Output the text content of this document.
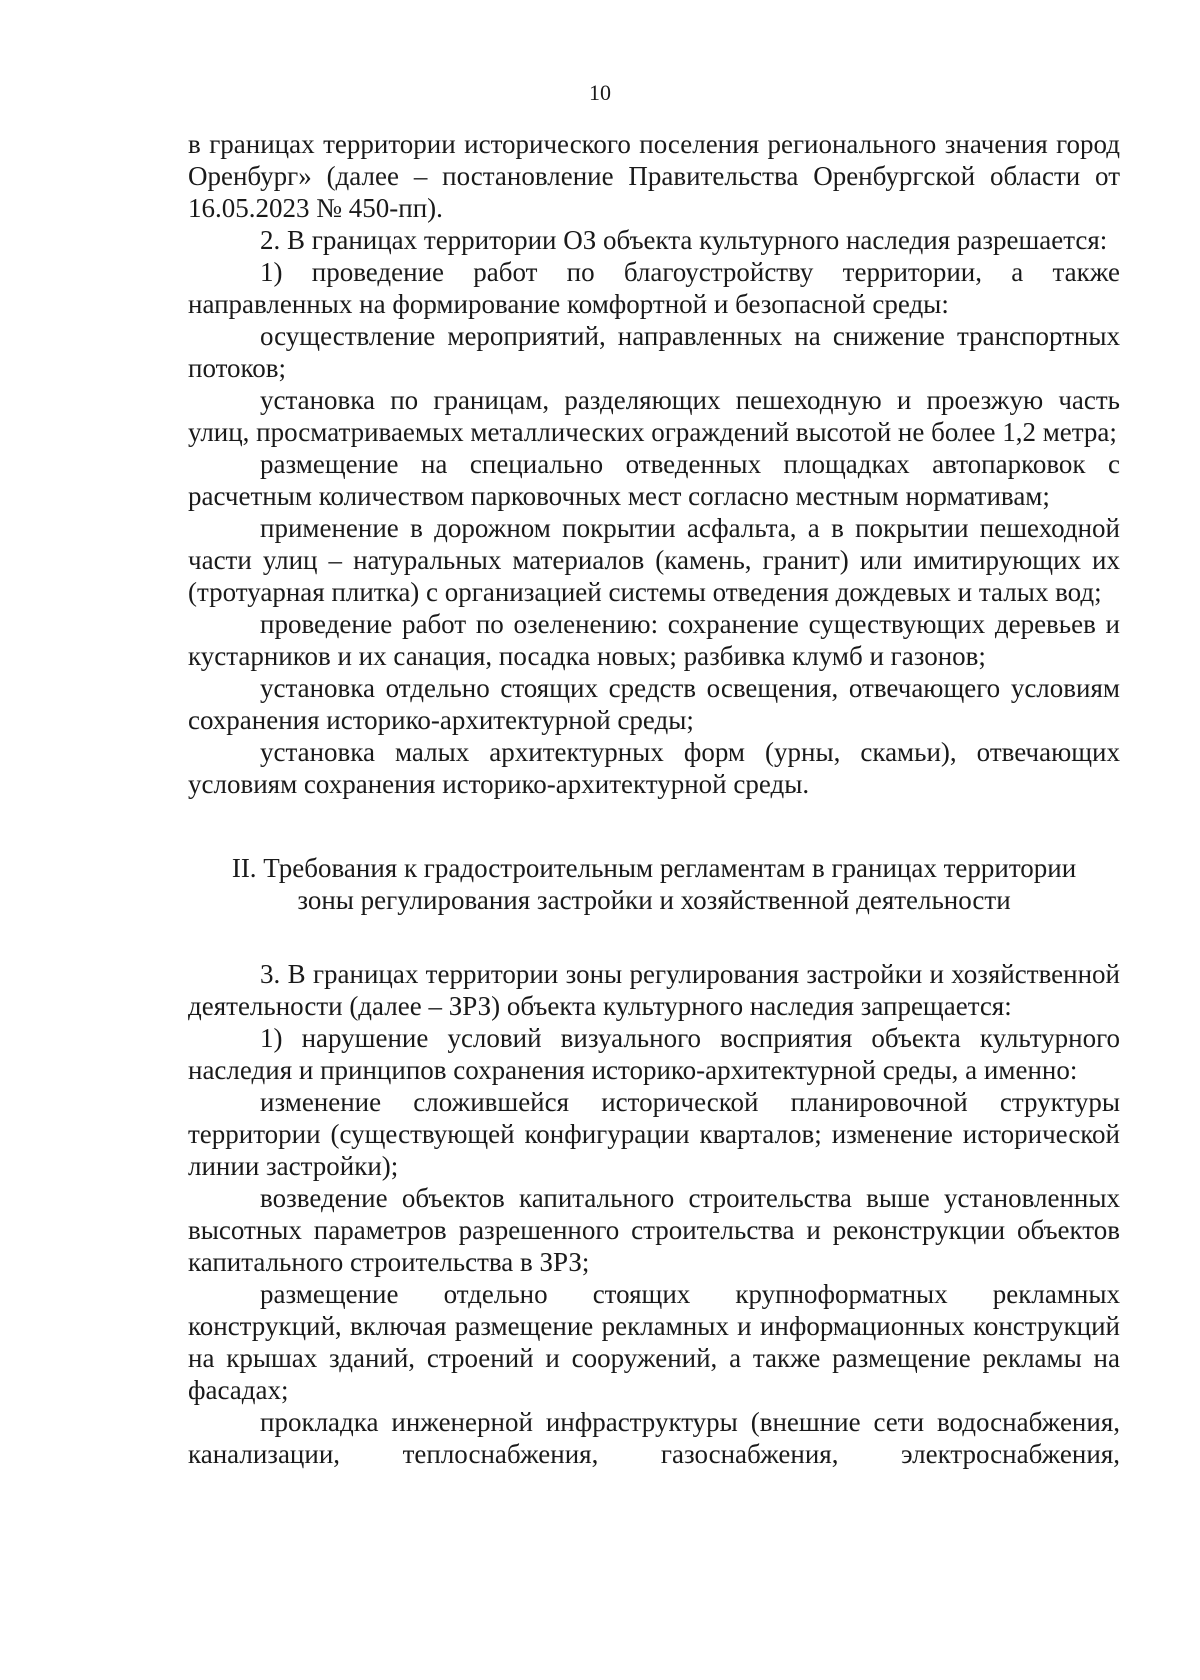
10

в границах территории исторического поселения регионального значения город Оренбург» (далее – постановление Правительства Оренбургской области от 16.05.2023 № 450-пп).

2. В границах территории ОЗ объекта культурного наследия разрешается:

1) проведение работ по благоустройству территории, а также направленных на формирование комфортной и безопасной среды:

осуществление мероприятий, направленных на снижение транспортных потоков;

установка по границам, разделяющих пешеходную и проезжую часть улиц, просматриваемых металлических ограждений высотой не более 1,2 метра;

размещение на специально отведенных площадках автопарковок с расчетным количеством парковочных мест согласно местным нормативам;

применение в дорожном покрытии асфальта, а в покрытии пешеходной части улиц – натуральных материалов (камень, гранит) или имитирующих их (тротуарная плитка) с организацией системы отведения дождевых и талых вод;

проведение работ по озеленению: сохранение существующих деревьев и кустарников и их санация, посадка новых; разбивка клумб и газонов;

установка отдельно стоящих средств освещения, отвечающего условиям сохранения историко-архитектурной среды;

установка малых архитектурных форм (урны, скамьи), отвечающих условиям сохранения историко-архитектурной среды.

II. Требования к градостроительным регламентам в границах территории
зоны регулирования застройки и хозяйственной деятельности

3. В границах территории зоны регулирования застройки и хозяйственной деятельности (далее – ЗРЗ) объекта культурного наследия запрещается:

1) нарушение условий визуального восприятия объекта культурного наследия и принципов сохранения историко-архитектурной среды, а именно:

изменение сложившейся исторической планировочной структуры территории (существующей конфигурации кварталов; изменение исторической линии застройки);

возведение объектов капитального строительства выше установленных высотных параметров разрешенного строительства и реконструкции объектов капитального строительства в ЗРЗ;

размещение отдельно стоящих крупноформатных рекламных конструкций, включая размещение рекламных и информационных конструкций на крышах зданий, строений и сооружений, а также размещение рекламы на фасадах;

прокладка инженерной инфраструктуры (внешние сети водоснабжения, канализации, теплоснабжения, газоснабжения, электроснабжения,
